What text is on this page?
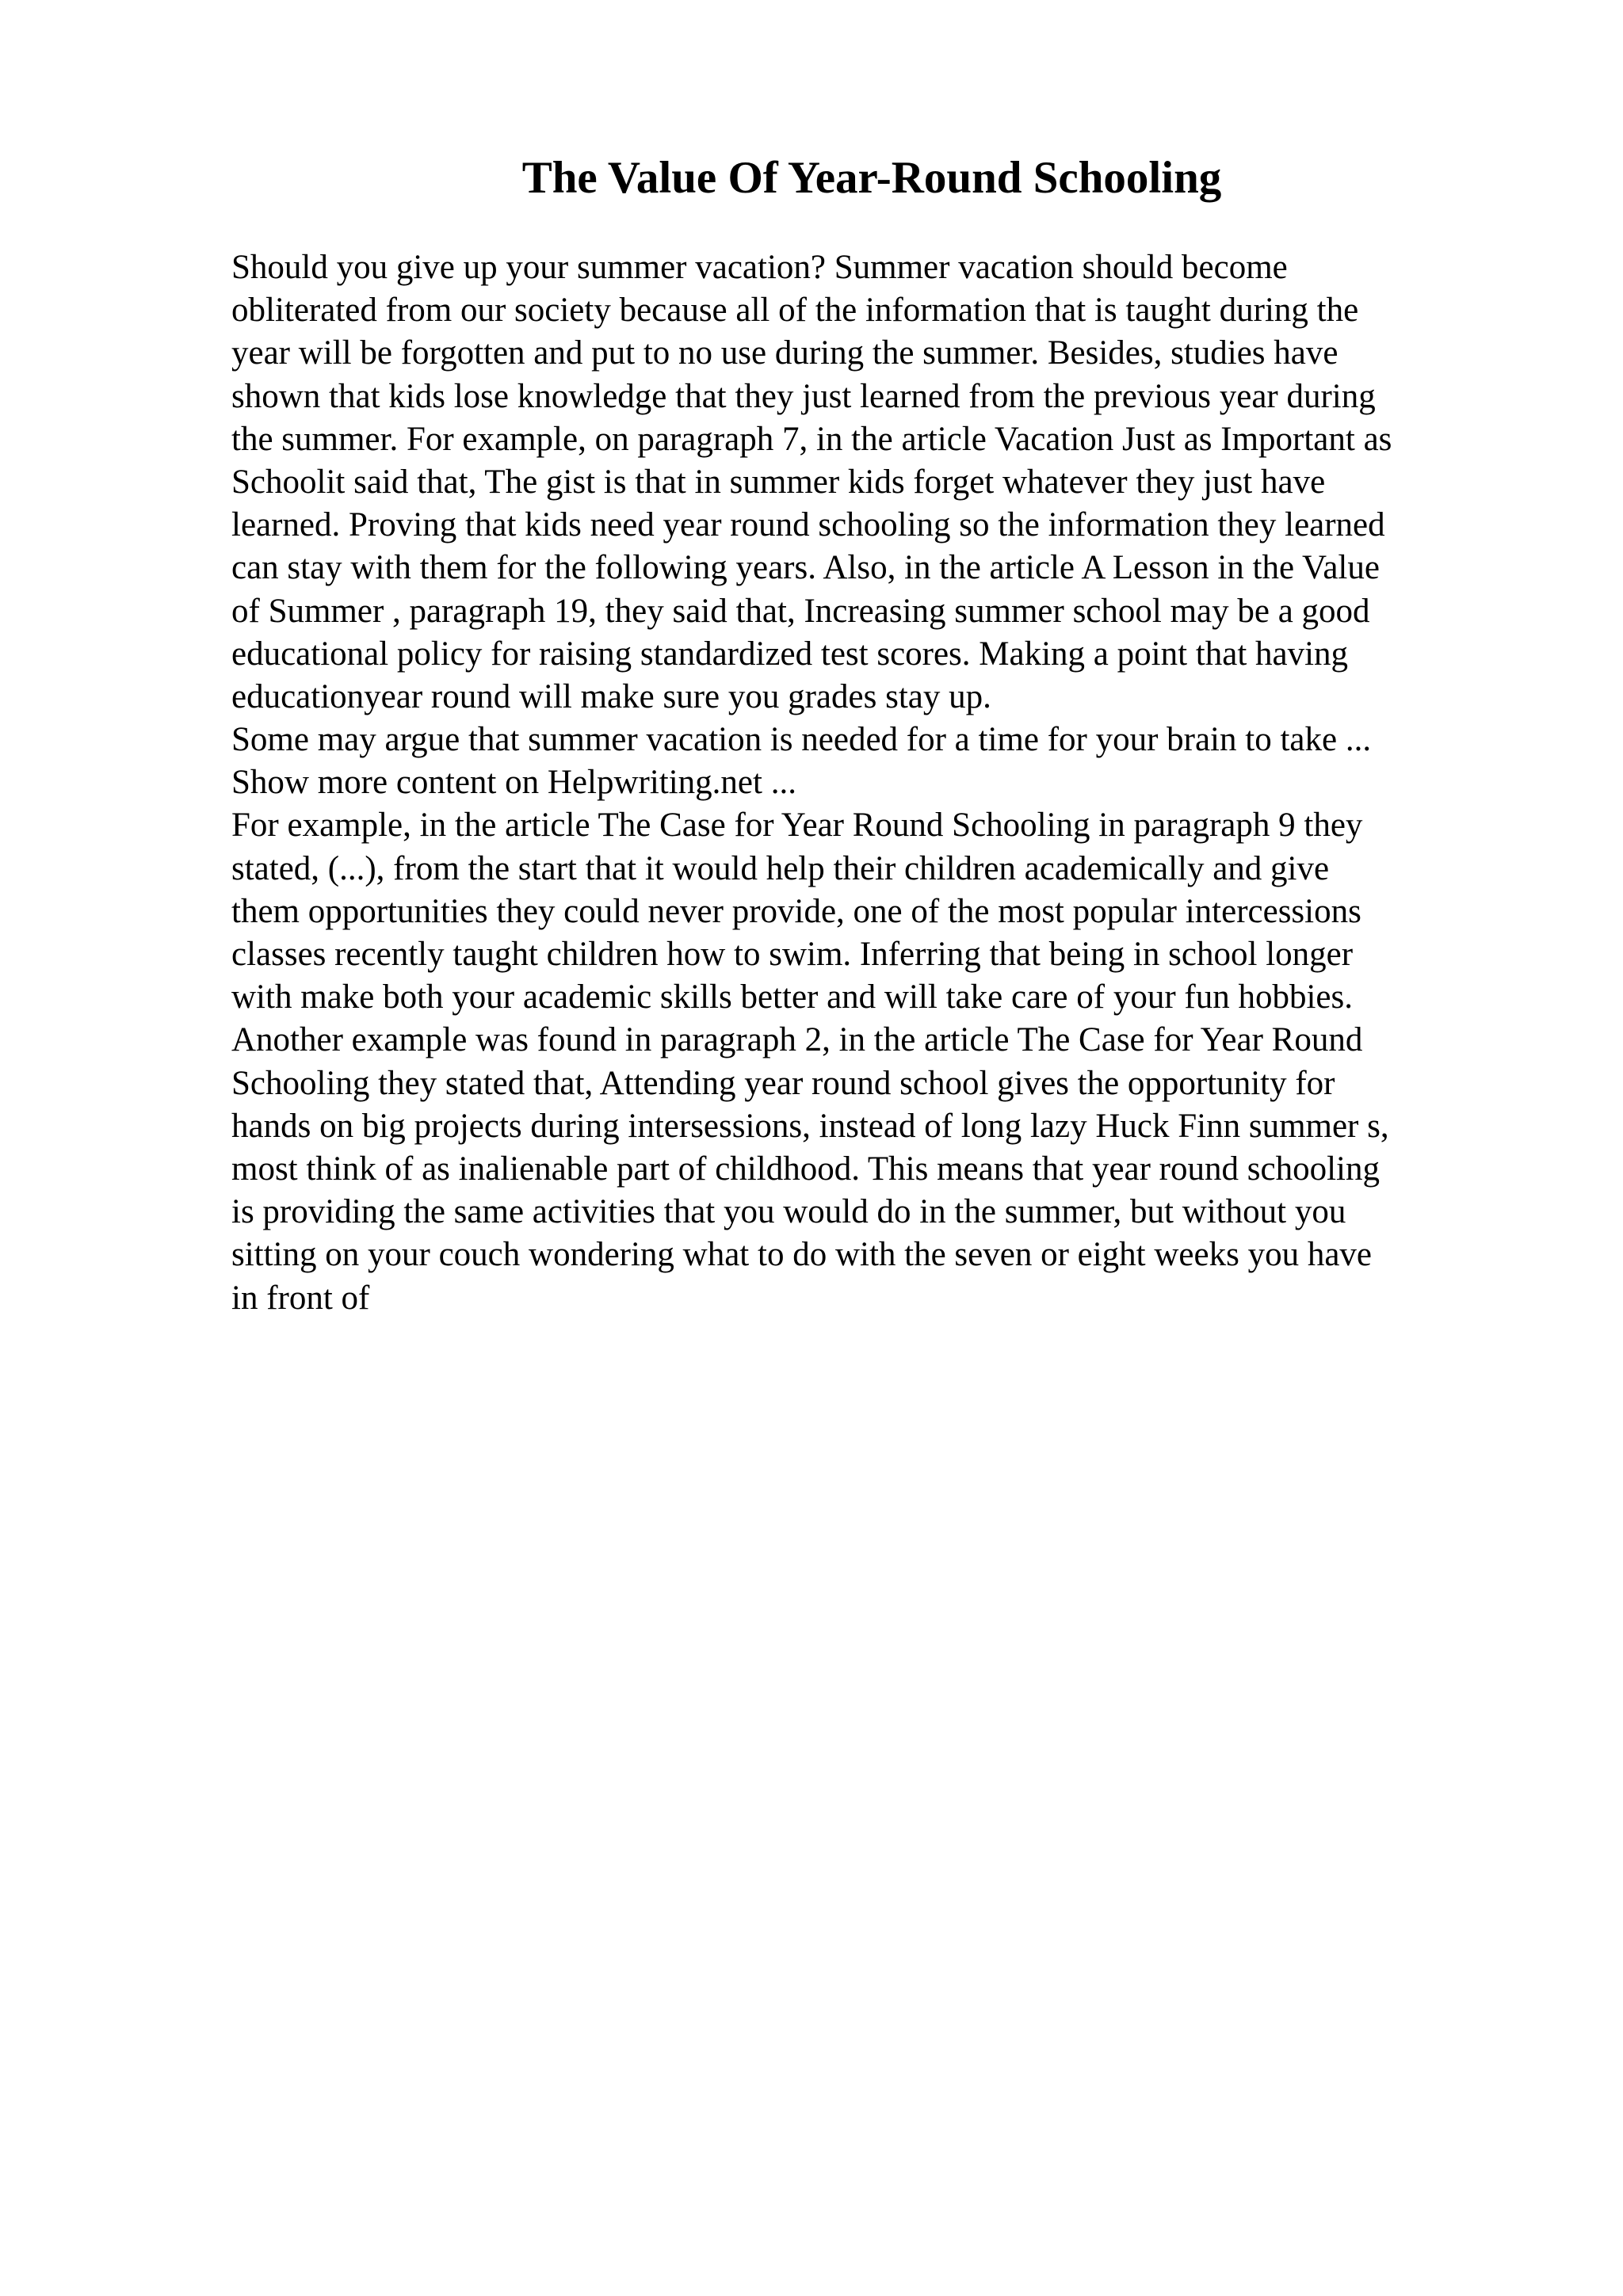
The Value Of Year-Round Schooling
Should you give up your summer vacation? Summer vacation should become
obliterated from our society because all of the information that is taught during the
year will be forgotten and put to no use during the summer. Besides, studies have
shown that kids lose knowledge that they just learned from the previous year during
the summer. For example, on paragraph 7, in the article Vacation Just as Important as
Schoolit said that, The gist is that in summer kids forget whatever they just have
learned. Proving that kids need year round schooling so the information they learned
can stay with them for the following years. Also, in the article A Lesson in the Value
of Summer , paragraph 19, they said that, Increasing summer school may be a good
educational policy for raising standardized test scores. Making a point that having
educationyear round will make sure you grades stay up.
Some may argue that summer vacation is needed for a time for your brain to take ...
Show more content on Helpwriting.net ...
For example, in the article The Case for Year Round Schooling in paragraph 9 they
stated, (...), from the start that it would help their children academically and give
them opportunities they could never provide, one of the most popular intercessions
classes recently taught children how to swim. Inferring that being in school longer
with make both your academic skills better and will take care of your fun hobbies.
Another example was found in paragraph 2, in the article The Case for Year Round
Schooling they stated that, Attending year round school gives the opportunity for
hands on big projects during intersessions, instead of long lazy Huck Finn summer s,
most think of as inalienable part of childhood. This means that year round schooling
is providing the same activities that you would do in the summer, but without you
sitting on your couch wondering what to do with the seven or eight weeks you have
in front of
